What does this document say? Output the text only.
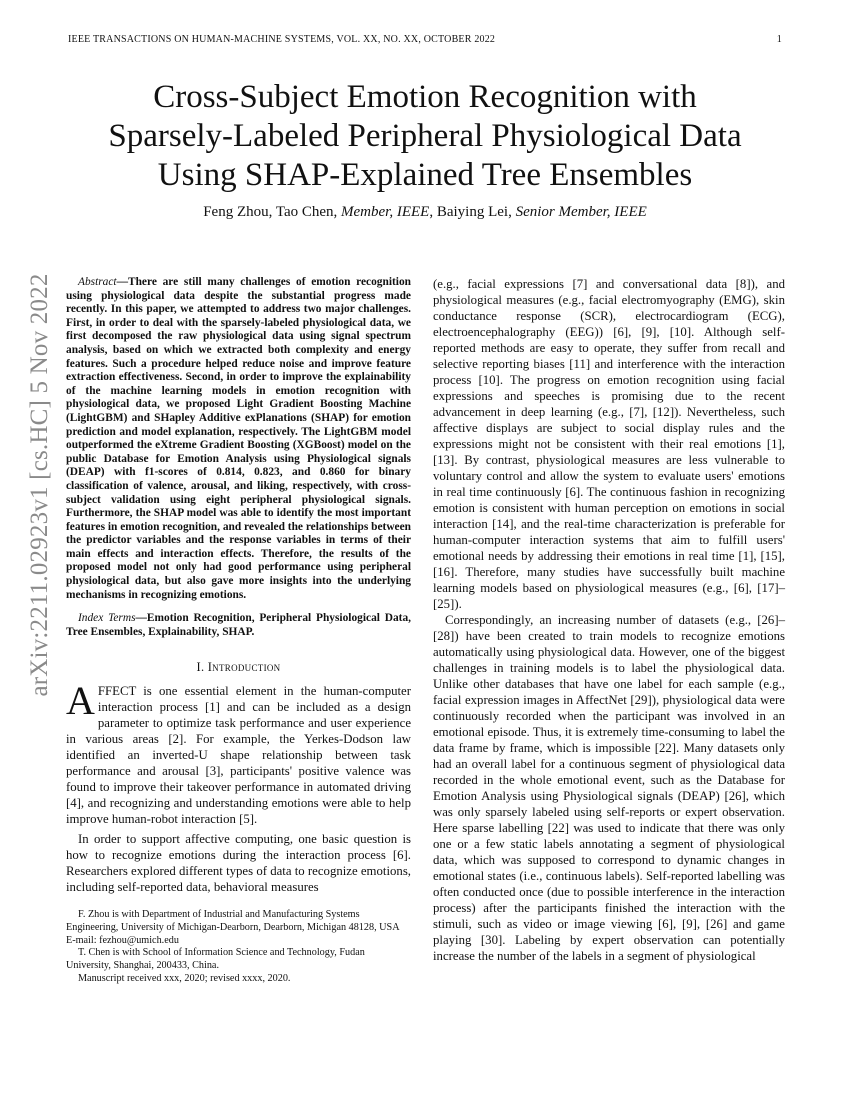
IEEE TRANSACTIONS ON HUMAN-MACHINE SYSTEMS, VOL. XX, NO. XX, OCTOBER 2022	1
arXiv:2211.02923v1 [cs.HC] 5 Nov 2022
Cross-Subject Emotion Recognition with
Sparsely-Labeled Peripheral Physiological Data
Using SHAP-Explained Tree Ensembles
Feng Zhou, Tao Chen, Member, IEEE, Baiying Lei, Senior Member, IEEE

Abstract—There are still many challenges of emotion recognition using physiological data despite the substantial progress made recently. In this paper, we attempted to address two major challenges. First, in order to deal with the sparsely-labeled physiological data, we first decomposed the raw physiological data using signal spectrum analysis, based on which we extracted both complexity and energy features. Such a procedure helped reduce noise and improve feature extraction effectiveness. Second, in order to improve the explainability of the machine learning models in emotion recognition with physiological data, we proposed Light Gradient Boosting Machine (LightGBM) and SHapley Additive exPlanations (SHAP) for emotion prediction and model explanation, respectively. The LightGBM model outperformed the eXtreme Gradient Boosting (XGBoost) model on the public Database for Emotion Analysis using Physiological signals (DEAP) with f1-scores of 0.814, 0.823, and 0.860 for binary classification of valence, arousal, and liking, respectively, with cross-subject validation using eight peripheral physiological signals. Furthermore, the SHAP model was able to identify the most important features in emotion recognition, and revealed the relationships between the predictor variables and the response variables in terms of their main effects and interaction effects. Therefore, the results of the proposed model not only had good performance using peripheral physiological data, but also gave more insights into the underlying mechanisms in recognizing emotions.

Index Terms—Emotion Recognition, Peripheral Physiological Data, Tree Ensembles, Explainability, SHAP.

I. Introduction

AFFECT is one essential element in the human-computer interaction process [1] and can be included as a design parameter to optimize task performance and user experience in various areas [2]. For example, the Yerkes-Dodson law identified an inverted-U shape relationship between task performance and arousal [3], participants' positive valence was found to improve their takeover performance in automated driving [4], and recognizing and understanding emotions were able to help improve human-robot interaction [5].

In order to support affective computing, one basic question is how to recognize emotions during the interaction process [6]. Researchers explored different types of data to recognize emotions, including self-reported data, behavioral measures

F. Zhou is with Department of Industrial and Manufacturing Systems Engineering, University of Michigan-Dearborn, Dearborn, Michigan 48128, USA

E-mail: fezhou@umich.edu

T. Chen is with School of Information Science and Technology, Fudan University, Shanghai, 200433, China.

Manuscript received xxx, 2020; revised xxxx, 2020.

(e.g., facial expressions [7] and conversational data [8]), and physiological measures (e.g., facial electromyography (EMG), skin conductance response (SCR), electrocardiogram (ECG), electroencephalography (EEG)) [6], [9], [10]. Although self-reported methods are easy to operate, they suffer from recall and selective reporting biases [11] and interference with the interaction process [10]. The progress on emotion recognition using facial expressions and speeches is promising due to the recent advancement in deep learning (e.g., [7], [12]). Nevertheless, such affective displays are subject to social display rules and the expressions might not be consistent with their real emotions [1], [13]. By contrast, physiological measures are less vulnerable to voluntary control and allow the system to evaluate users' emotions in real time continuously [6]. The continuous fashion in recognizing emotion is consistent with human perception on emotions in social interaction [14], and the real-time characterization is preferable for human-computer interaction systems that aim to fulfill users' emotional needs by addressing their emotions in real time [1], [15], [16]. Therefore, many studies have successfully built machine learning models based on physiological measures (e.g., [6], [17]–[25]).

Correspondingly, an increasing number of datasets (e.g., [26]–[28]) have been created to train models to recognize emotions automatically using physiological data. However, one of the biggest challenges in training models is to label the physiological data. Unlike other databases that have one label for each sample (e.g., facial expression images in AffectNet [29]), physiological data were continuously recorded when the participant was involved in an emotional episode. Thus, it is extremely time-consuming to label the data frame by frame, which is impossible [22]. Many datasets only had an overall label for a continuous segment of physiological data recorded in the whole emotional event, such as the Database for Emotion Analysis using Physiological signals (DEAP) [26], which was only sparsely labeled using self-reports or expert observation. Here sparse labelling [22] was used to indicate that there was only one or a few static labels annotating a segment of physiological data, which was supposed to correspond to dynamic changes in emotional states (i.e., continuous labels). Self-reported labelling was often conducted once (due to possible interference in the interaction process) after the participants finished the interaction with the stimuli, such as video or image viewing [6], [9], [26] and game playing [30]. Labeling by expert observation can potentially increase the number of the labels in a segment of physiological
